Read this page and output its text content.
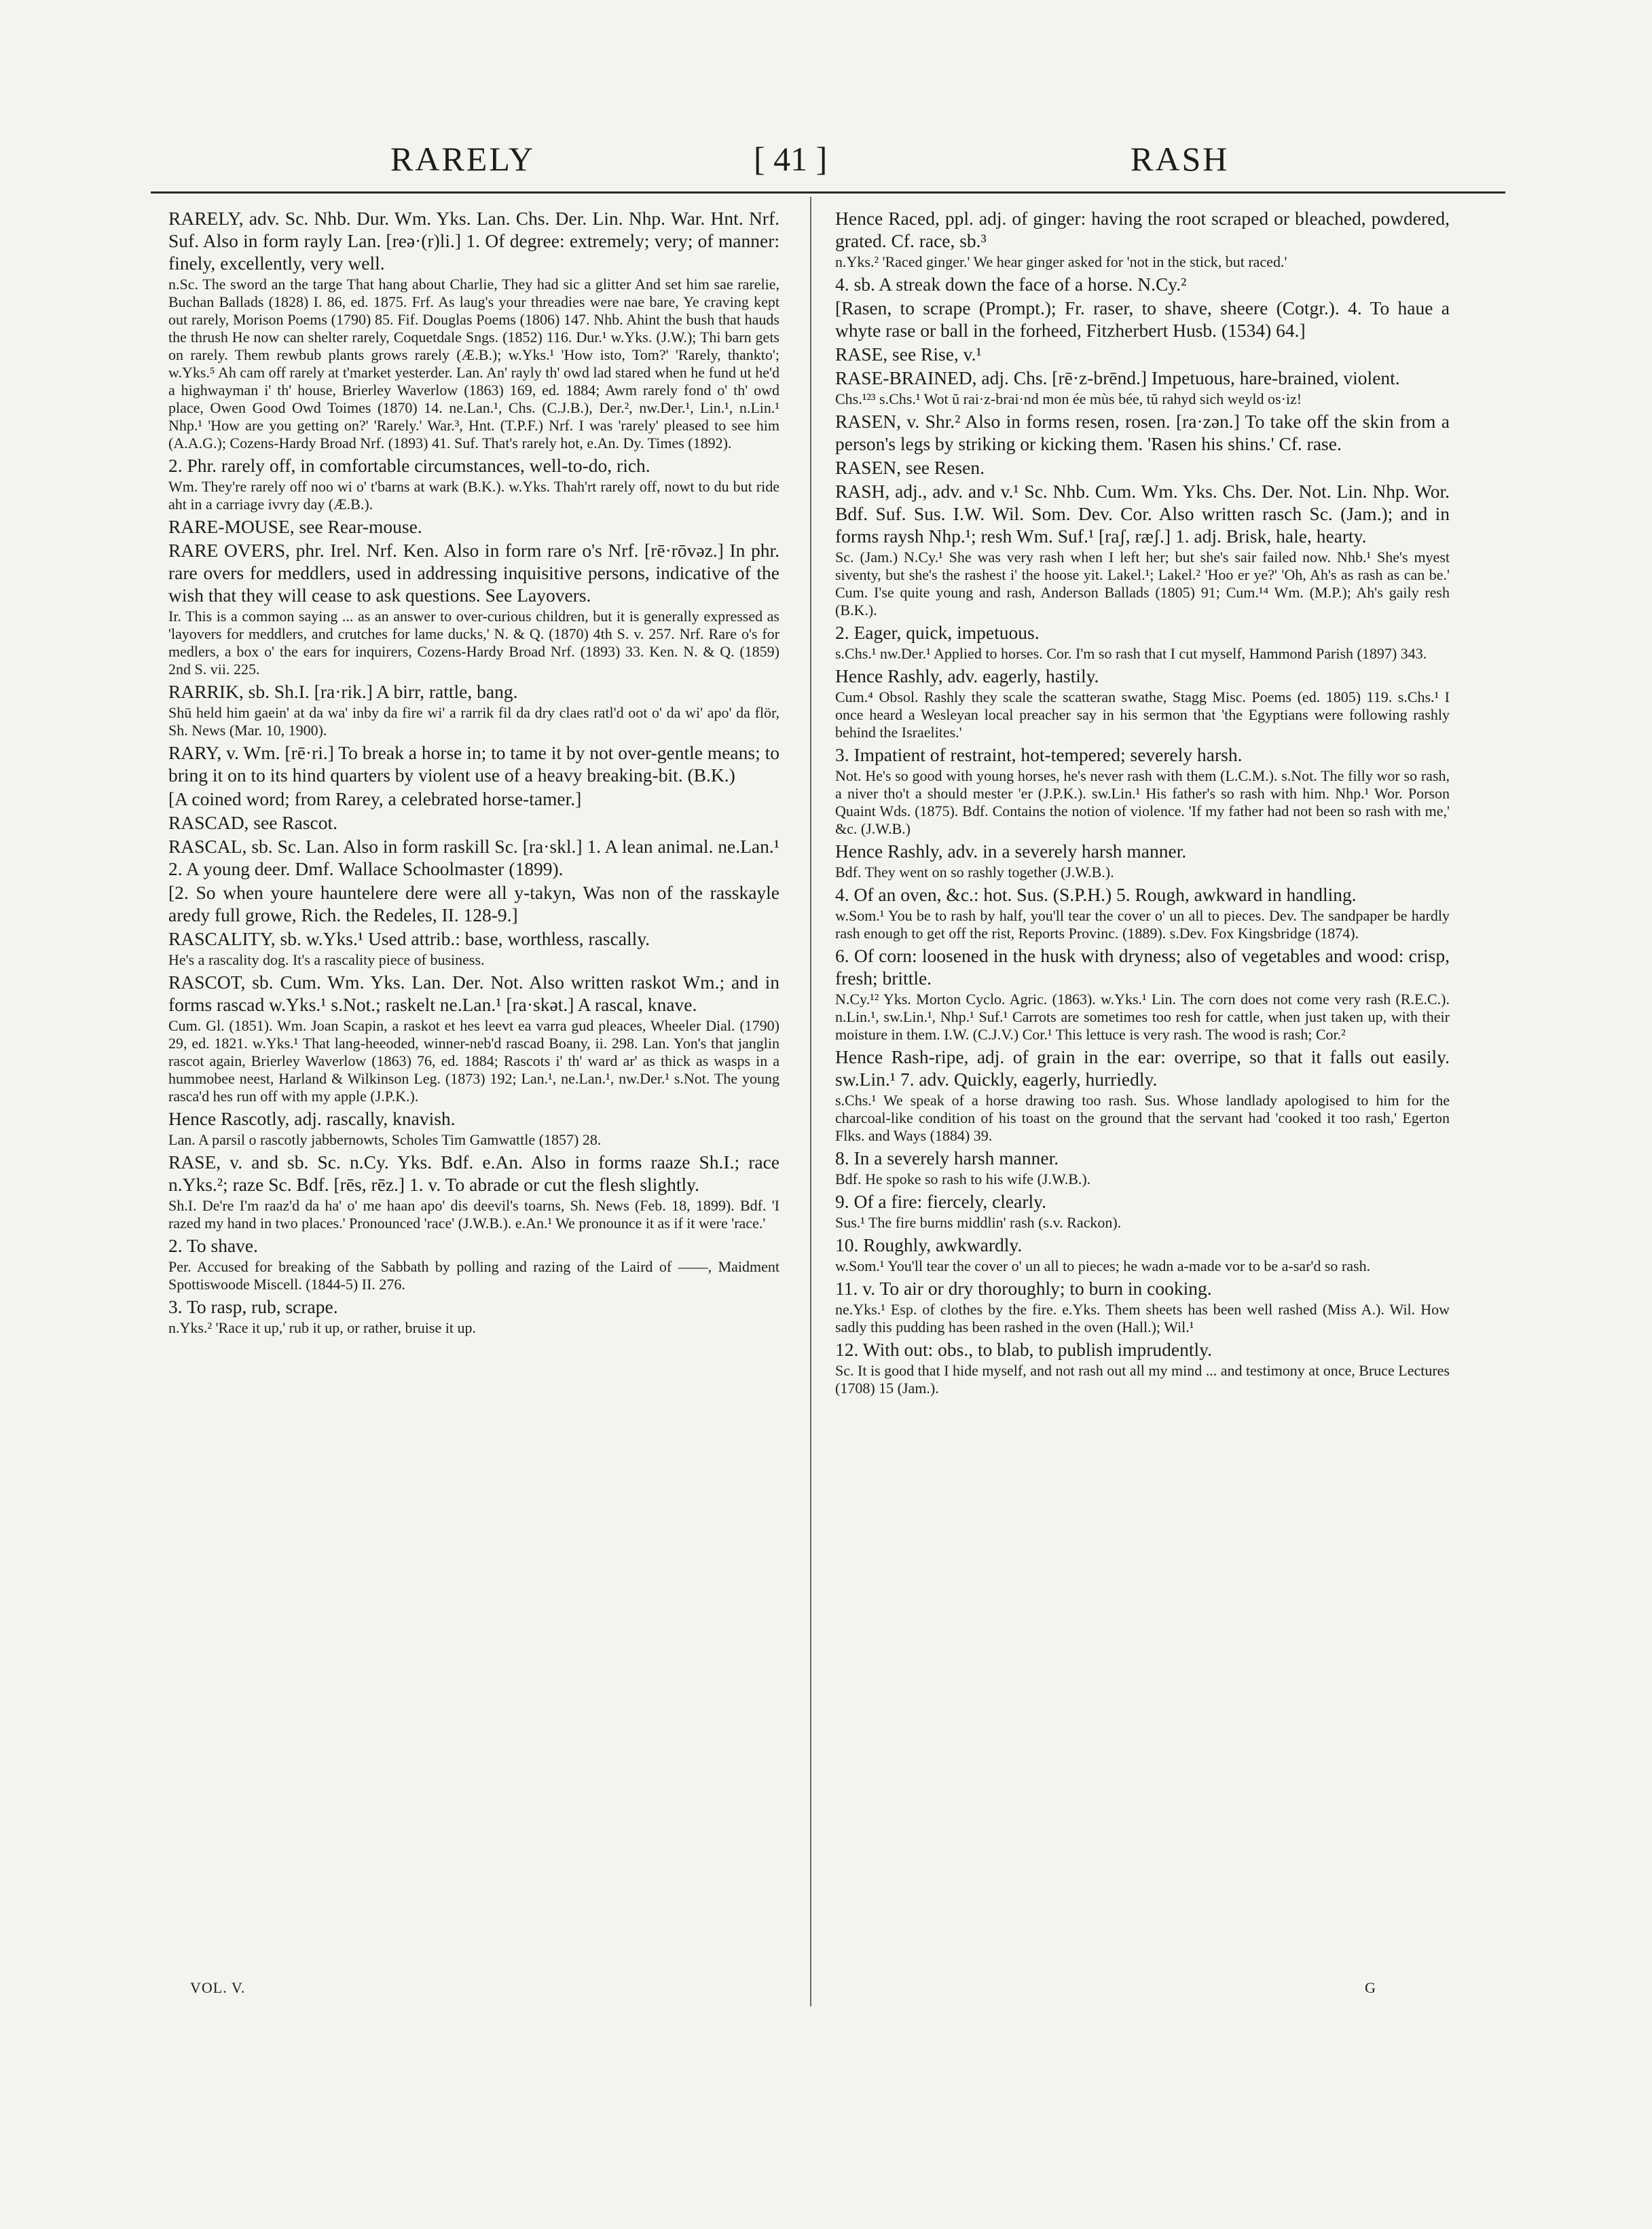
RARELY	[ 41 ]	RASH

RARELY, adv. Sc. Nhb. Dur. Wm. Yks. Lan. Chs. Der. Lin. Nhp. War. Hnt. Nrf. Suf. Also in form rayly Lan. [reə·(r)li.] 1. Of degree: extremely; very; of manner: finely, excellently, very well.

n.Sc. The sword an the targe That hang about Charlie, They had sic a glitter And set him sae rarelie, Buchan Ballads (1828) I. 86, ed. 1875. Frf. As laug's your threadies were nae bare, Ye craving kept out rarely, Morison Poems (1790) 85. Fif. Douglas Poems (1806) 147. Nhb. Ahint the bush that hauds the thrush He now can shelter rarely, Coquetdale Sngs. (1852) 116. Dur.¹ w.Yks. (J.W.); Thi barn gets on rarely. Them rewbub plants grows rarely (Æ.B.); w.Yks.¹ 'How isto, Tom?' 'Rarely, thankto'; w.Yks.⁵ Ah cam off rarely at t'market yesterder. Lan. An' rayly th' owd lad stared when he fund ut he'd a highwayman i' th' house, Brierley Waverlow (1863) 169, ed. 1884; Awm rarely fond o' th' owd place, Owen Good Owd Toimes (1870) 14. ne.Lan.¹, Chs. (C.J.B.), Der.², nw.Der.¹, Lin.¹, n.Lin.¹ Nhp.¹ 'How are you getting on?' 'Rarely.' War.³, Hnt. (T.P.F.) Nrf. I was 'rarely' pleased to see him (A.A.G.); Cozens-Hardy Broad Nrf. (1893) 41. Suf. That's rarely hot, e.An. Dy. Times (1892).

2. Phr. rarely off, in comfortable circumstances, well-to-do, rich.

Wm. They're rarely off noo wi o' t'barns at wark (B.K.). w.Yks. Thah'rt rarely off, nowt to du but ride aht in a carriage ivvry day (Æ.B.).

RARE-MOUSE, see Rear-mouse.

RARE OVERS, phr. Irel. Nrf. Ken. Also in form rare o's Nrf. [rē·rōvəz.] In phr. rare overs for meddlers, used in addressing inquisitive persons, indicative of the wish that they will cease to ask questions. See Layovers.

Ir. This is a common saying ... as an answer to over-curious children, but it is generally expressed as 'layovers for meddlers, and crutches for lame ducks,' N. & Q. (1870) 4th S. v. 257. Nrf. Rare o's for medlers, a box o' the ears for inquirers, Cozens-Hardy Broad Nrf. (1893) 33. Ken. N. & Q. (1859) 2nd S. vii. 225.

RARRIK, sb. Sh.I. [ra·rik.] A birr, rattle, bang.

Shū held him gaein' at da wa' inby da fire wi' a rarrik fil da dry claes ratl'd oot o' da wi' apo' da flör, Sh. News (Mar. 10, 1900).

RARY, v. Wm. [rē·ri.] To break a horse in; to tame it by not over-gentle means; to bring it on to its hind quarters by violent use of a heavy breaking-bit. (B.K.)

[A coined word; from Rarey, a celebrated horse-tamer.]

RASCAD, see Rascot.

RASCAL, sb. Sc. Lan. Also in form raskill Sc. [ra·skl.] 1. A lean animal. ne.Lan.¹ 2. A young deer. Dmf. Wallace Schoolmaster (1899).

[2. So when youre hauntelere dere were all y-takyn, Was non of the rasskayle aredy full growe, Rich. the Redeles, II. 128-9.]

RASCALITY, sb. w.Yks.¹ Used attrib.: base, worthless, rascally.

He's a rascality dog. It's a rascality piece of business.

RASCOT, sb. Cum. Wm. Yks. Lan. Der. Not. Also written raskot Wm.; and in forms rascad w.Yks.¹ s.Not.; raskelt ne.Lan.¹ [ra·skət.] A rascal, knave.

Cum. Gl. (1851). Wm. Joan Scapin, a raskot et hes leevt ea varra gud pleaces, Wheeler Dial. (1790) 29, ed. 1821. w.Yks.¹ That lang-heeoded, winner-neb'd rascad Boany, ii. 298. Lan. Yon's that janglin rascot again, Brierley Waverlow (1863) 76, ed. 1884; Rascots i' th' ward ar' as thick as wasps in a hummobee neest, Harland & Wilkinson Leg. (1873) 192; Lan.¹, ne.Lan.¹, nw.Der.¹ s.Not. The young rasca'd hes run off with my apple (J.P.K.).

Hence Rascotly, adj. rascally, knavish.

Lan. A parsil o rascotly jabbernowts, Scholes Tim Gamwattle (1857) 28.

RASE, v. and sb. Sc. n.Cy. Yks. Bdf. e.An. Also in forms raaze Sh.I.; race n.Yks.²; raze Sc. Bdf. [rēs, rēz.] 1. v. To abrade or cut the flesh slightly.

Sh.I. De're I'm raaz'd da ha' o' me haan apo' dis deevil's toarns, Sh. News (Feb. 18, 1899). Bdf. 'I razed my hand in two places.' Pronounced 'race' (J.W.B.). e.An.¹ We pronounce it as if it were 'race.'

2. To shave.

Per. Accused for breaking of the Sabbath by polling and razing of the Laird of ——, Maidment Spottiswoode Miscell. (1844-5) II. 276.

3. To rasp, rub, scrape.

n.Yks.² 'Race it up,' rub it up, or rather, bruise it up.

Hence Raced, ppl. adj. of ginger: having the root scraped or bleached, powdered, grated. Cf. race, sb.³

n.Yks.² 'Raced ginger.' We hear ginger asked for 'not in the stick, but raced.'

4. sb. A streak down the face of a horse. N.Cy.²

[Rasen, to scrape (Prompt.); Fr. raser, to shave, sheere (Cotgr.). 4. To haue a whyte rase or ball in the forheed, Fitzherbert Husb. (1534) 64.]

RASE, see Rise, v.¹

RASE-BRAINED, adj. Chs. [rē·z-brēnd.] Impetuous, hare-brained, violent.

Chs.¹²³ s.Chs.¹ Wot ŭ rai·z-brai·nd mon ée mùs bée, tŭ rahyd sich weyld os·iz!

RASEN, v. Shr.² Also in forms resen, rosen. [ra·zən.] To take off the skin from a person's legs by striking or kicking them. 'Rasen his shins.' Cf. rase.

RASEN, see Resen.

RASH, adj., adv. and v.¹ Sc. Nhb. Cum. Wm. Yks. Chs. Der. Not. Lin. Nhp. Wor. Bdf. Suf. Sus. I.W. Wil. Som. Dev. Cor. Also written rasch Sc. (Jam.); and in forms raysh Nhp.¹; resh Wm. Suf.¹ [raʃ, ræʃ.] 1. adj. Brisk, hale, hearty.

Sc. (Jam.) N.Cy.¹ She was very rash when I left her; but she's sair failed now. Nhb.¹ She's myest siventy, but she's the rashest i' the hoose yit. Lakel.¹; Lakel.² 'Hoo er ye?' 'Oh, Ah's as rash as can be.' Cum. I'se quite young and rash, Anderson Ballads (1805) 91; Cum.¹⁴ Wm. (M.P.); Ah's gaily resh (B.K.).

2. Eager, quick, impetuous.

s.Chs.¹ nw.Der.¹ Applied to horses. Cor. I'm so rash that I cut myself, Hammond Parish (1897) 343.

Hence Rashly, adv. eagerly, hastily.

Cum.⁴ Obsol. Rashly they scale the scatteran swathe, Stagg Misc. Poems (ed. 1805) 119. s.Chs.¹ I once heard a Wesleyan local preacher say in his sermon that 'the Egyptians were following rashly behind the Israelites.'

3. Impatient of restraint, hot-tempered; severely harsh.

Not. He's so good with young horses, he's never rash with them (L.C.M.). s.Not. The filly wor so rash, a niver tho't a should mester 'er (J.P.K.). sw.Lin.¹ His father's so rash with him. Nhp.¹ Wor. Porson Quaint Wds. (1875). Bdf. Contains the notion of violence. 'If my father had not been so rash with me,' &c. (J.W.B.)

Hence Rashly, adv. in a severely harsh manner.

Bdf. They went on so rashly together (J.W.B.).

4. Of an oven, &c.: hot. Sus. (S.P.H.) 5. Rough, awkward in handling.

w.Som.¹ You be to rash by half, you'll tear the cover o' un all to pieces. Dev. The sandpaper be hardly rash enough to get off the rist, Reports Provinc. (1889). s.Dev. Fox Kingsbridge (1874).

6. Of corn: loosened in the husk with dryness; also of vegetables and wood: crisp, fresh; brittle.

N.Cy.¹² Yks. Morton Cyclo. Agric. (1863). w.Yks.¹ Lin. The corn does not come very rash (R.E.C.). n.Lin.¹, sw.Lin.¹, Nhp.¹ Suf.¹ Carrots are sometimes too resh for cattle, when just taken up, with their moisture in them. I.W. (C.J.V.) Cor.¹ This lettuce is very rash. The wood is rash; Cor.²

Hence Rash-ripe, adj. of grain in the ear: overripe, so that it falls out easily. sw.Lin.¹ 7. adv. Quickly, eagerly, hurriedly.

s.Chs.¹ We speak of a horse drawing too rash. Sus. Whose landlady apologised to him for the charcoal-like condition of his toast on the ground that the servant had 'cooked it too rash,' Egerton Flks. and Ways (1884) 39.

8. In a severely harsh manner.

Bdf. He spoke so rash to his wife (J.W.B.).

9. Of a fire: fiercely, clearly.

Sus.¹ The fire burns middlin' rash (s.v. Rackon).

10. Roughly, awkwardly.

w.Som.¹ You'll tear the cover o' un all to pieces; he wadn a-made vor to be a-sar'd so rash.

11. v. To air or dry thoroughly; to burn in cooking.

ne.Yks.¹ Esp. of clothes by the fire. e.Yks. Them sheets has been well rashed (Miss A.). Wil. How sadly this pudding has been rashed in the oven (Hall.); Wil.¹

12. With out: obs., to blab, to publish imprudently.

Sc. It is good that I hide myself, and not rash out all my mind ... and testimony at once, Bruce Lectures (1708) 15 (Jam.).

VOL. V.	G
